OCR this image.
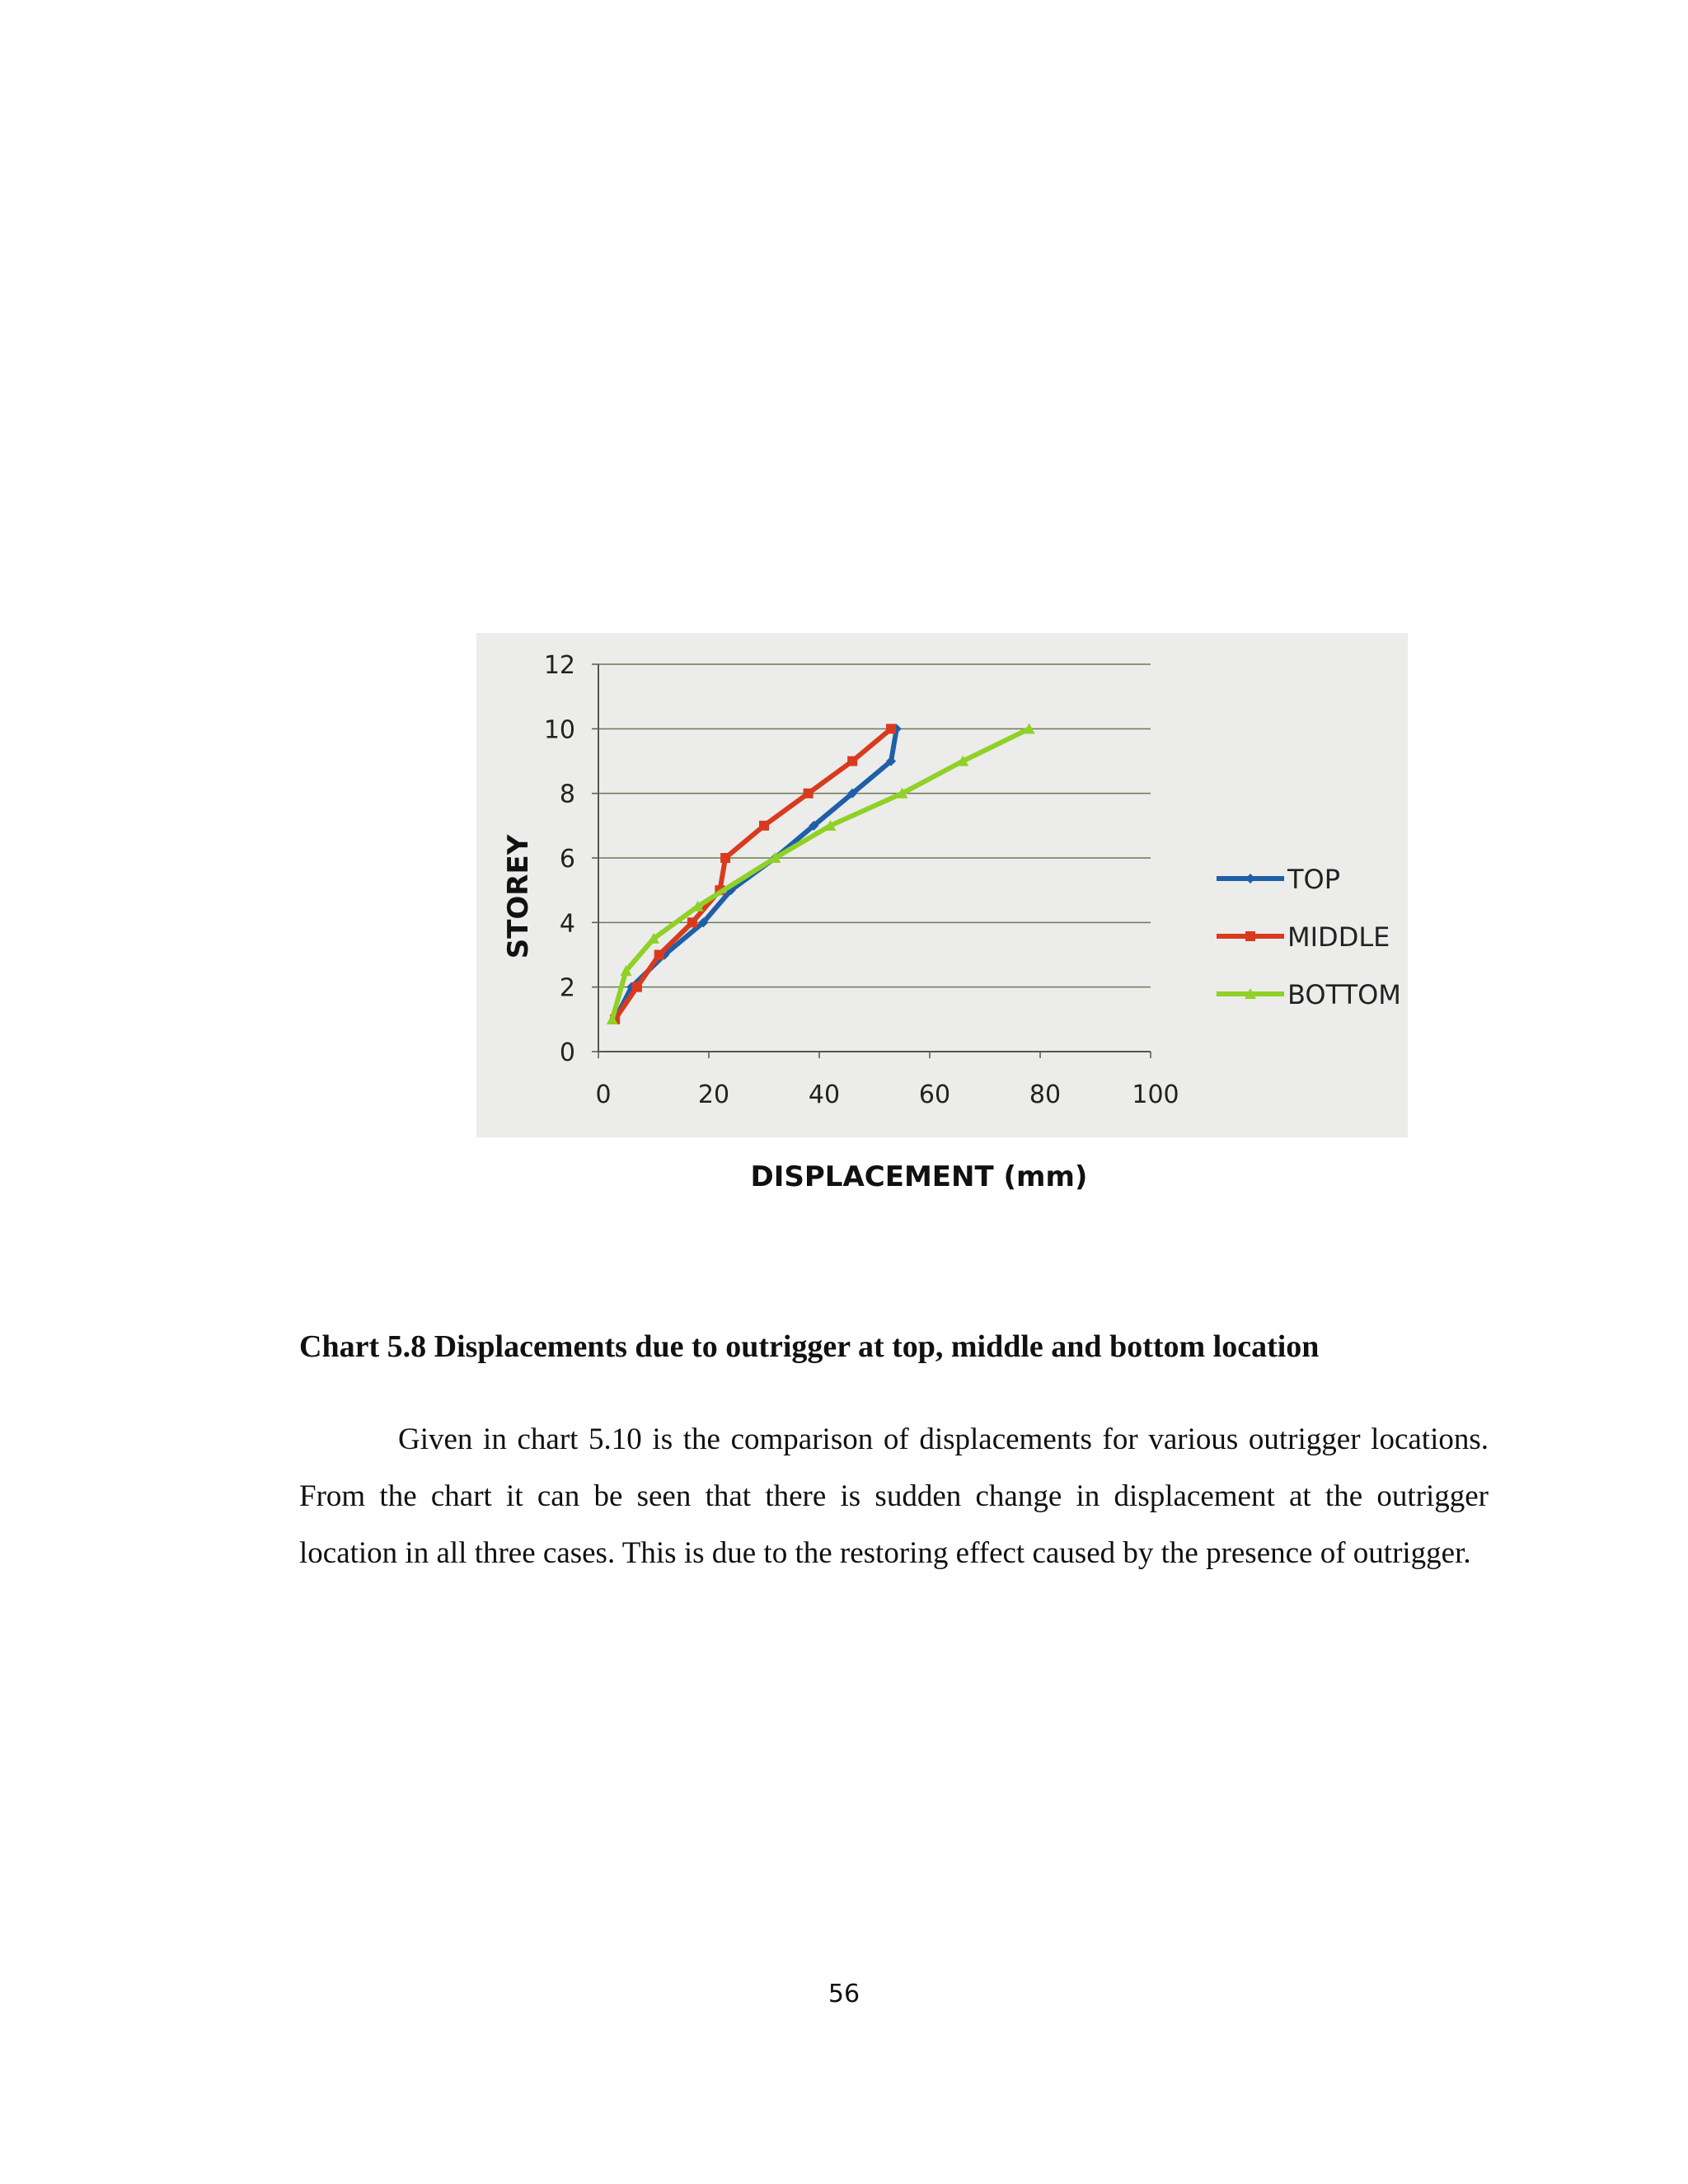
0
2
4
6
8
10
12
0	20	40	60	80	100
TOP
MIDDLE
BOTTOM
STOREY
DISPLACEMENT (mm)
Chart 5.8 Displacements due to outrigger at top, middle and bottom location

Given in chart 5.10 is the comparison of displacements for various outrigger locations. From the chart it can be seen that there is sudden change in displacement at the outrigger location in all three cases. This is due to the restoring effect caused by the presence of outrigger.

56
